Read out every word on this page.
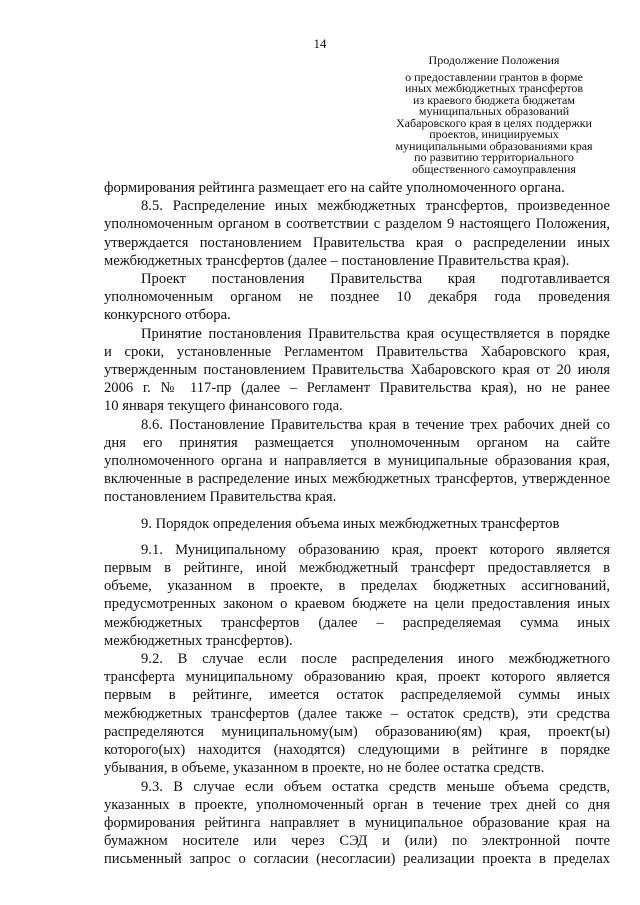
14
Продолжение Положения
о предоставлении грантов в форме
иных межбюджетных трансфертов
из краевого бюджета бюджетам
муниципальных образований
Хабаровского края в целях поддержки
проектов, инициируемых
муниципальными образованиями края
по развитию территориального
общественного самоуправления
формирования рейтинга размещает его на сайте уполномоченного органа.
8.5. Распределение иных межбюджетных трансфертов, произведенное
уполномоченным органом в соответствии с разделом 9 настоящего Положения,
утверждается постановлением Правительства края о распределении иных
межбюджетных трансфертов (далее – постановление Правительства края).
Проект постановления Правительства края подготавливается
уполномоченным органом не позднее 10 декабря года проведения
конкурсного отбора.
Принятие постановления Правительства края осуществляется в порядке
и сроки, установленные Регламентом Правительства Хабаровского края,
утвержденным постановлением Правительства Хабаровского края от 20 июля
2006 г. № 117-пр (далее – Регламент Правительства края), но не ранее
10 января текущего финансового года.
8.6. Постановление Правительства края в течение трех рабочих дней со
дня его принятия размещается уполномоченным органом на сайте
уполномоченного органа и направляется в муниципальные образования края,
включенные в распределение иных межбюджетных трансфертов, утвержденное
постановлением Правительства края.
9. Порядок определения объема иных межбюджетных трансфертов
9.1. Муниципальному образованию края, проект которого является
первым в рейтинге, иной межбюджетный трансферт предоставляется в
объеме, указанном в проекте, в пределах бюджетных ассигнований,
предусмотренных законом о краевом бюджете на цели предоставления иных
межбюджетных трансфертов (далее – распределяемая сумма иных
межбюджетных трансфертов).
9.2. В случае если после распределения иного межбюджетного
трансферта муниципальному образованию края, проект которого является
первым в рейтинге, имеется остаток распределяемой суммы иных
межбюджетных трансфертов (далее также – остаток средств), эти средства
распределяются муниципальному(ым) образованию(ям) края, проект(ы)
которого(ых) находится (находятся) следующими в рейтинге в порядке
убывания, в объеме, указанном в проекте, но не более остатка средств.
9.3. В случае если объем остатка средств меньше объема средств,
указанных в проекте, уполномоченный орган в течение трех дней со дня
формирования рейтинга направляет в муниципальное образование края на
бумажном носителе или через СЭД и (или) по электронной почте
письменный запрос о согласии (несогласии) реализации проекта в пределах
